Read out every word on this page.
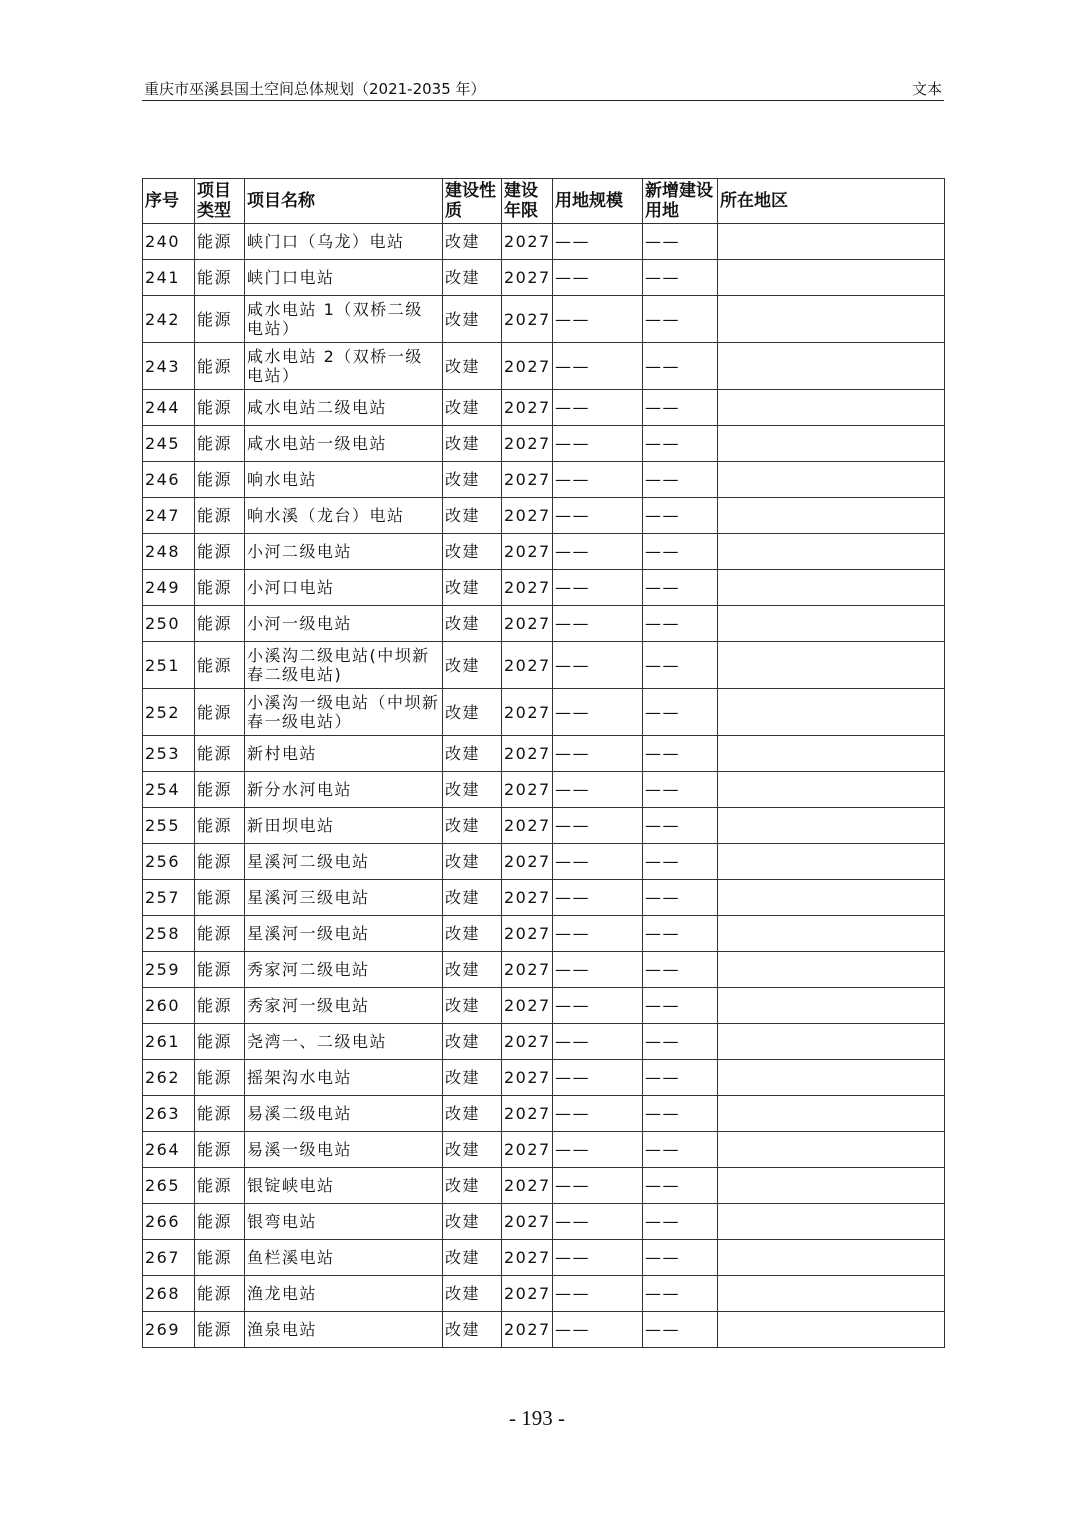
重庆市巫溪县国土空间总体规划（2021-2035 年）	文本
序号	项目类型	项目名称	建设性质	建设年限	用地规模	新增建设用地	所在地区
240	能源	峡门口（乌龙）电站	改建	2027	——	——	
241	能源	峡门口电站	改建	2027	——	——	
242	能源	咸水电站 1（双桥二级电站）	改建	2027	——	——	
243	能源	咸水电站 2（双桥一级电站）	改建	2027	——	——	
244	能源	咸水电站二级电站	改建	2027	——	——	
245	能源	咸水电站一级电站	改建	2027	——	——	
246	能源	响水电站	改建	2027	——	——	
247	能源	响水溪（龙台）电站	改建	2027	——	——	
248	能源	小河二级电站	改建	2027	——	——	
249	能源	小河口电站	改建	2027	——	——	
250	能源	小河一级电站	改建	2027	——	——	
251	能源	小溪沟二级电站(中坝新春二级电站)	改建	2027	——	——	
252	能源	小溪沟一级电站（中坝新春一级电站）	改建	2027	——	——	
253	能源	新村电站	改建	2027	——	——	
254	能源	新分水河电站	改建	2027	——	——	
255	能源	新田坝电站	改建	2027	——	——	
256	能源	星溪河二级电站	改建	2027	——	——	
257	能源	星溪河三级电站	改建	2027	——	——	
258	能源	星溪河一级电站	改建	2027	——	——	
259	能源	秀家河二级电站	改建	2027	——	——	
260	能源	秀家河一级电站	改建	2027	——	——	
261	能源	尧湾一、二级电站	改建	2027	——	——	
262	能源	摇架沟水电站	改建	2027	——	——	
263	能源	易溪二级电站	改建	2027	——	——	
264	能源	易溪一级电站	改建	2027	——	——	
265	能源	银锭峡电站	改建	2027	——	——	
266	能源	银弯电站	改建	2027	——	——	
267	能源	鱼栏溪电站	改建	2027	——	——	
268	能源	渔龙电站	改建	2027	——	——	
269	能源	渔泉电站	改建	2027	——	——	
- 193 -
